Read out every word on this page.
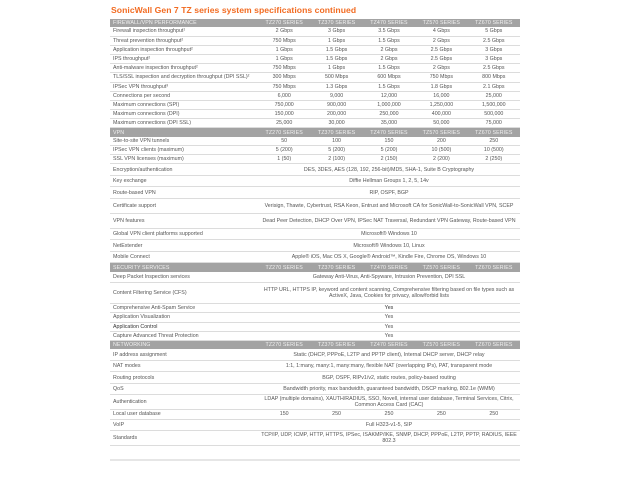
SonicWall Gen 7 TZ series system specifications continued
FIREWALL/VPN PERFORMANCE	TZ270 SERIES	TZ370 SERIES	TZ470 SERIES	TZ570 SERIES	TZ670 SERIES
Firewall inspection throughput¹	2 Gbps	3 Gbps	3.5 Gbps	4 Gbps	5 Gbps
Threat prevention throughput²	750 Mbps	1 Gbps	1.5 Gbps	2 Gbps	2.5 Gbps
Application inspection throughput²	1 Gbps	1.5 Gbps	2 Gbps	2.5 Gbps	3 Gbps
IPS throughput²	1 Gbps	1.5 Gbps	2 Gbps	2.5 Gbps	3 Gbps
Anti-malware inspection throughput²	750 Mbps	1 Gbps	1.5 Gbps	2 Gbps	2.5 Gbps
TLS/SSL inspection and decryption throughput (DPI SSL)²	300 Mbps	500 Mbps	600 Mbps	750 Mbps	800 Mbps
IPSec VPN throughput³	750 Mbps	1.3 Gbps	1.5 Gbps	1.8 Gbps	2.1 Gbps
Connections per second	6,000	9,000	12,000	16,000	25,000
Maximum connections (SPI)	750,000	900,000	1,000,000	1,250,000	1,500,000
Maximum connections (DPI)	150,000	200,000	250,000	400,000	500,000
Maximum connections (DPI SSL)	25,000	30,000	35,000	50,000	75,000
VPN	TZ270 SERIES	TZ370 SERIES	TZ470 SERIES	TZ570 SERIES	TZ670 SERIES
Site-to-site VPN tunnels	50	100	150	200	250
IPSec VPN clients (maximum)	5 (200)	5 (200)	5 (200)	10 (500)	10 (500)
SSL VPN licenses (maximum)	1 (50)	2 (100)	2 (150)	2 (200)	2 (250)
Encryption/authentication	DES, 3DES, AES (128, 192, 256-bit)/MD5, SHA-1, Suite B Cryptography				
Key exchange	Diffie Hellman Groups 1, 2, 5, 14v				
Route-based VPN	RIP, OSPF, BGP				
Certificate support	Verisign, Thawte, Cybertrust, RSA Keon, Entrust and Microsoft CA for SonicWall-to-SonicWall VPN, SCEP				
VPN features	Dead Peer Detection, DHCP Over VPN, IPSec NAT Traversal, Redundant VPN Gateway, Route-based VPN				
Global VPN client platforms supported	Microsoft® Windows 10				
NetExtender	Microsoft® Windows 10, Linux				
Mobile Connect	Apple® iOS, Mac OS X, Google® Android™, Kindle Fire, Chrome OS, Windows 10				
SECURITY SERVICES	TZ270 SERIES	TZ370 SERIES	TZ470 SERIES	TZ570 SERIES	TZ670 SERIES
Deep Packet Inspection services	Gateway Anti-Virus, Anti-Spyware, Intrusion Prevention, DPI SSL				
Content Filtering Service (CFS)	HTTP URL, HTTPS IP, keyword and content scanning, Comprehensive filtering based on file types such as ActiveX, Java, Cookies for privacy, allow/forbid lists				
Comprehensive Anti-Spam Service	Yes				
Application Visualization	Yes				
Application Control	Yes				
Capture Advanced Threat Protection	Yes				
NETWORKING	TZ270 SERIES	TZ370 SERIES	TZ470 SERIES	TZ570 SERIES	TZ670 SERIES
IP address assignment	Static (DHCP, PPPoE, L2TP and PPTP client), Internal DHCP server, DHCP relay				
NAT modes	1:1, 1:many, many:1, many:many, flexible NAT (overlapping IPs), PAT, transparent mode				
Routing protocols	BGP, OSPF, RIPv1/v2, static routes, policy-based routing				
QoS	Bandwidth priority, max bandwidth, guaranteed bandwidth, DSCP marking, 802.1e (WMM)				
Authentication	LDAP (multiple domains), XAUTH/RADIUS, SSO, Novell, internal user database, Terminal Services, Citrix, Common Access Card (CAC)				
Local user database	150	250	250	250	250
VoIP	Full H323-v1-5, SIP				
Standards	TCP/IP, UDP, ICMP, HTTP, HTTPS, IPSec, ISAKMP/IKE, SNMP, DHCP, PPPoE, L2TP, PPTP, RADIUS, IEEE 802.3				
